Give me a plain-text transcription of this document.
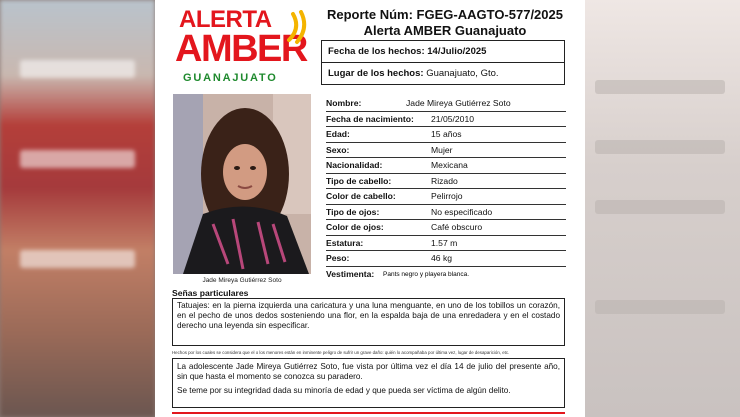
ALERTA
AMBER
GUANAJUATO
Reporte Núm: FGEG-AAGTO-577/2025
Alerta AMBER Guanajuato
Fecha de los hechos: 14/Julio/2025
Lugar de los hechos: Guanajuato, Gto.
Jade Mireya Gutiérrez Soto
Nombre:	Jade Mireya Gutiérrez Soto
Fecha de nacimiento: 21/05/2010
Edad:	15 años
Sexo:	Mujer
Nacionalidad:	Mexicana
Tipo de cabello:	Rizado
Color de cabello:	Pelirrojo
Tipo de ojos:	No especificado
Color de ojos:	Café obscuro
Estatura:	1.57 m
Peso:	46 kg
Vestimenta: Pants negro y playera blanca.
Señas particulares
Tatuajes: en la pierna izquierda una caricatura y una luna menguante, en uno de los tobillos un corazón, en el pecho de unos dedos sosteniendo una flor, en la espalda baja de una enredadera y en el costado derecho una leyenda sin especificar.
Hechos por los cuales se considera que el o los menores están en inminente peligro de sufrir un grave daño: quién lo acompañaba por última vez, lugar de desaparición, etc.

La adolescente Jade Mireya Gutiérrez Soto, fue vista por última vez el día 14 de julio del presente año, sin que hasta el momento se conozca su paradero.

Se teme por su integridad dada su minoría de edad y que pueda ser víctima de algún delito.
